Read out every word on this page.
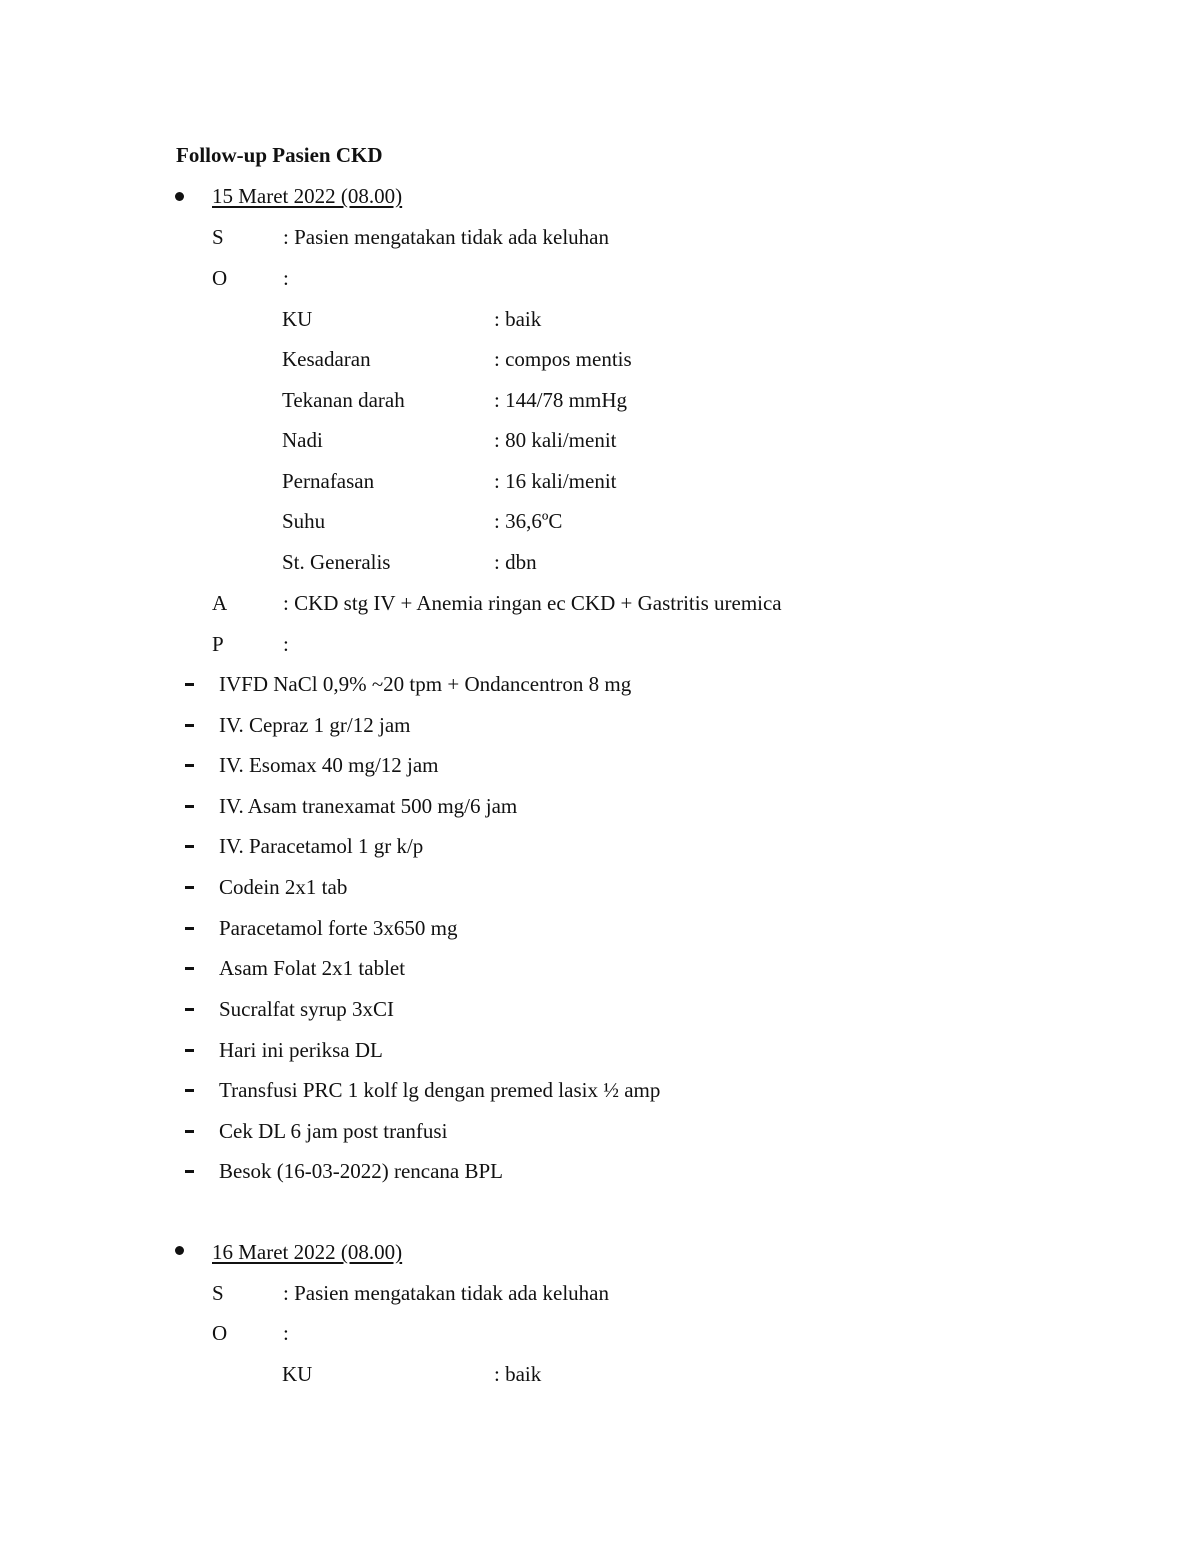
Follow-up Pasien CKD
15 Maret 2022 (08.00)
S	: Pasien mengatakan tidak ada keluhan
O	:
KU	: baik
Kesadaran	: compos mentis
Tekanan darah	: 144/78 mmHg
Nadi	: 80 kali/menit
Pernafasan	: 16 kali/menit
Suhu	: 36,6ºC
St. Generalis	: dbn
A	: CKD stg IV + Anemia ringan ec CKD + Gastritis uremica
P	:
IVFD NaCl 0,9% ~20 tpm + Ondancentron 8 mg
IV. Cepraz 1 gr/12 jam
IV. Esomax 40 mg/12 jam
IV. Asam tranexamat 500 mg/6 jam
IV. Paracetamol 1 gr k/p
Codein 2x1 tab
Paracetamol forte 3x650 mg
Asam Folat 2x1 tablet
Sucralfat syrup 3xCI
Hari ini periksa DL
Transfusi PRC 1 kolf lg dengan premed lasix ½ amp
Cek DL 6 jam post tranfusi
Besok (16-03-2022) rencana BPL
16 Maret 2022 (08.00)
S	: Pasien mengatakan tidak ada keluhan
O	:
KU	: baik
